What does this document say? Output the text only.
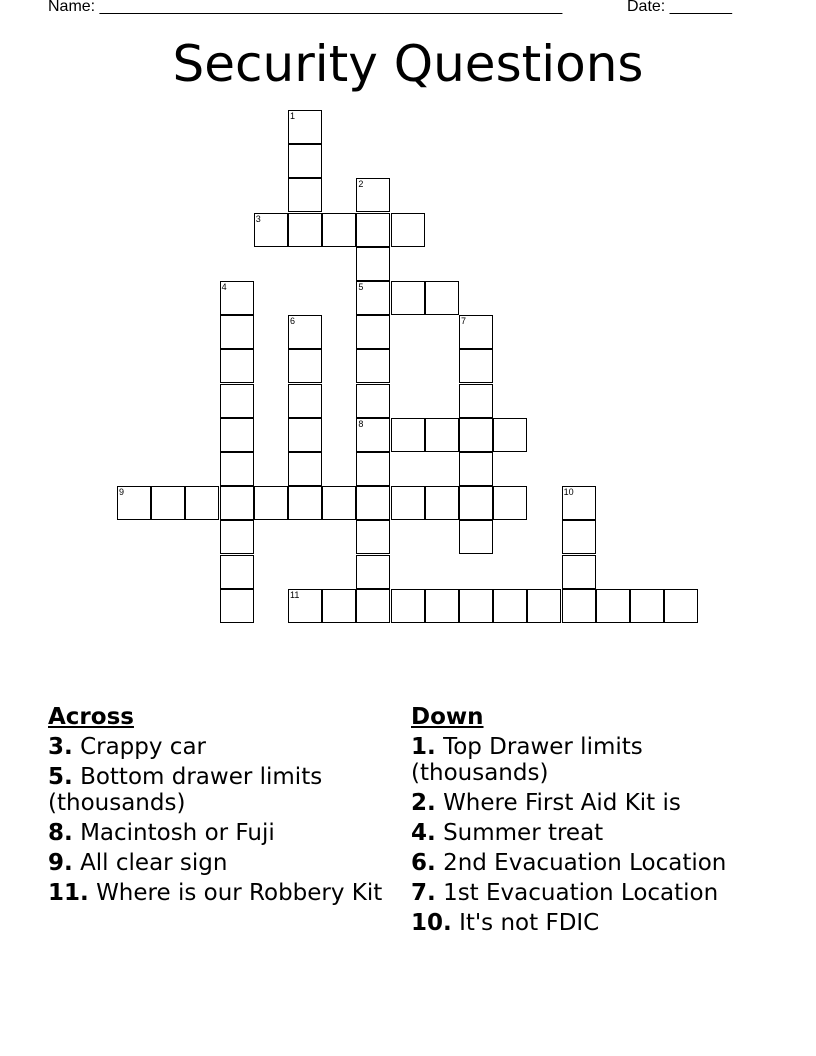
Name: ____________________________________________________	Date: _______
Security Questions
1
2
5
8
3
4
6	7
9	10
11
Across
3. Crappy car
5. Bottom drawer limits (thousands)
8. Macintosh or Fuji
9. All clear sign
11. Where is our Robbery Kit
Down
1. Top Drawer limits (thousands)
2. Where First Aid Kit is
4. Summer treat
6. 2nd Evacuation Location
7. 1st Evacuation Location
10. It's not FDIC
